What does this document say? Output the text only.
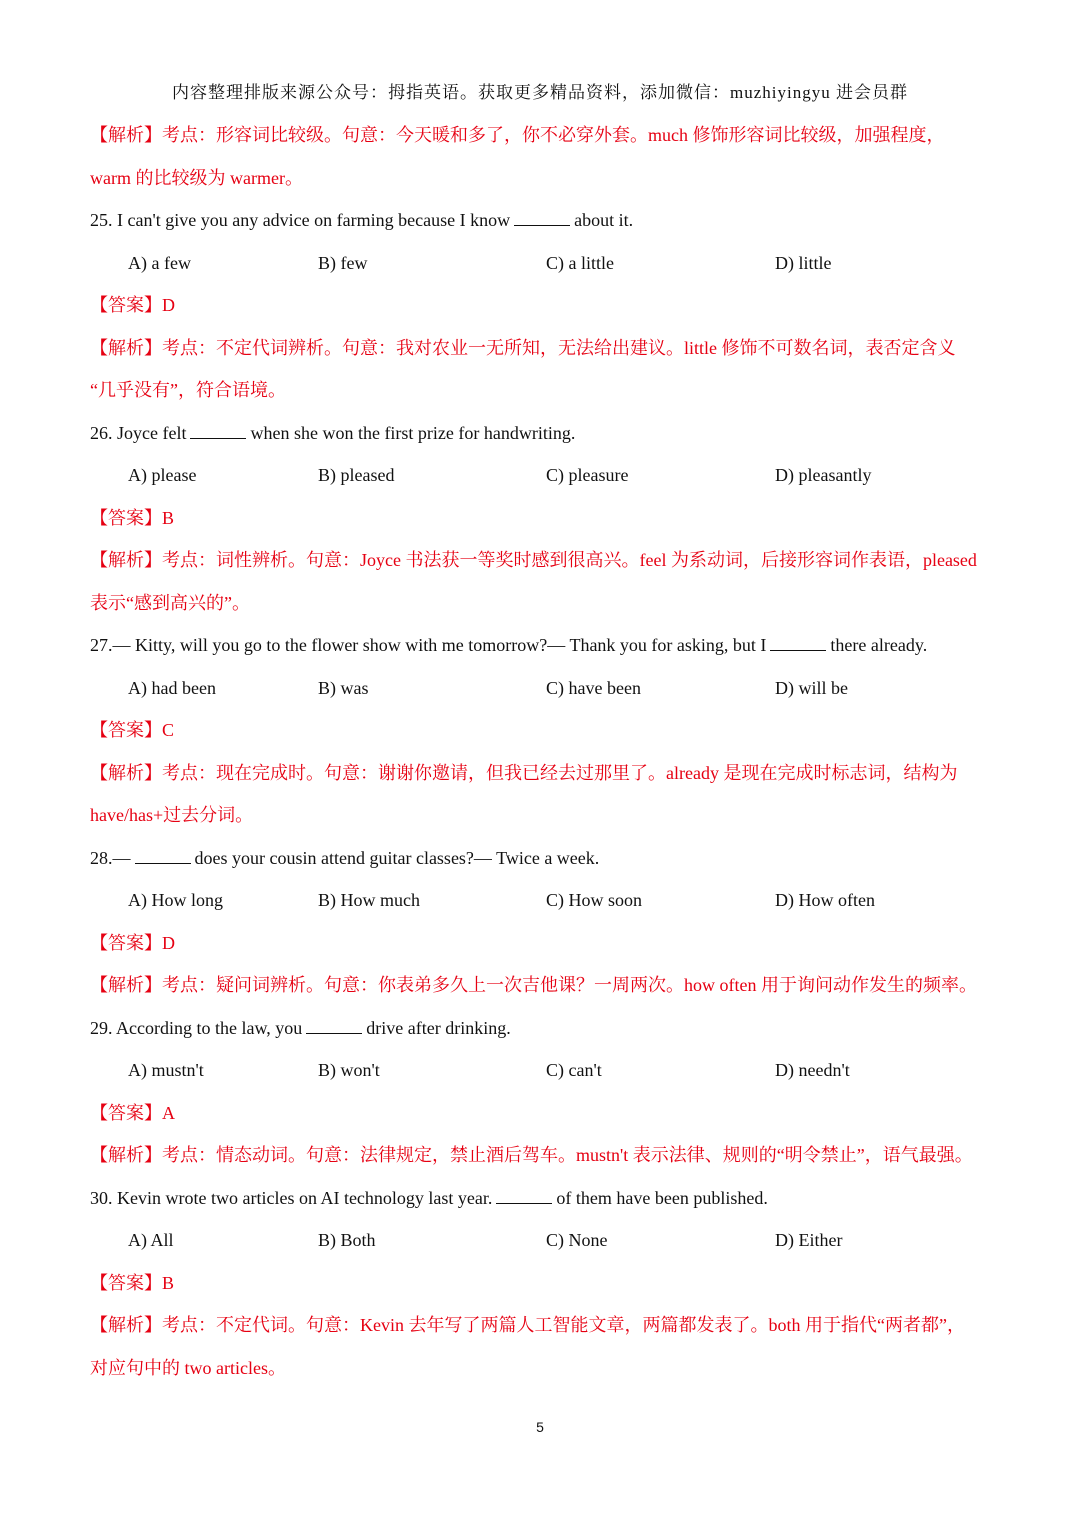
内容整理排版来源公众号：拇指英语。获取更多精品资料，添加微信：muzhiyingyu 进会员群
【解析】考点：形容词比较级。句意：今天暖和多了，你不必穿外套。much 修饰形容词比较级，加强程度，
warm 的比较级为 warmer。
25. I can't give you any advice on farming because I know	about it.
A) a few	B) few	C) a little	D) little
【答案】D
【解析】考点：不定代词辨析。句意：我对农业一无所知，无法给出建议。little 修饰不可数名词，表否定含义
“几乎没有”，符合语境。
26. Joyce felt	when she won the first prize for handwriting.
A) please	B) pleased	C) pleasure	D) pleasantly
【答案】B
【解析】考点：词性辨析。句意：Joyce 书法获一等奖时感到很高兴。feel 为系动词，后接形容词作表语，pleased
表示“感到高兴的”。
27.— Kitty, will you go to the flower show with me tomorrow?— Thank you for asking, but I	there already.
A) had been	B) was	C) have been	D) will be
【答案】C
【解析】考点：现在完成时。句意：谢谢你邀请，但我已经去过那里了。already 是现在完成时标志词，结构为
have/has+过去分词。
28.—	does your cousin attend guitar classes?— Twice a week.
A) How long	B) How much	C) How soon	D) How often
【答案】D
【解析】考点：疑问词辨析。句意：你表弟多久上一次吉他课？一周两次。how often 用于询问动作发生的频率。
29. According to the law, you	drive after drinking.
A) mustn't	B) won't	C) can't	D) needn't
【答案】A
【解析】考点：情态动词。句意：法律规定，禁止酒后驾车。mustn't 表示法律、规则的“明令禁止”，语气最强。
30. Kevin wrote two articles on AI technology last year.	of them have been published.
A) All	B) Both	C) None	D) Either
【答案】B
【解析】考点：不定代词。句意：Kevin 去年写了两篇人工智能文章，两篇都发表了。both 用于指代“两者都”，
对应句中的 two articles。
5
